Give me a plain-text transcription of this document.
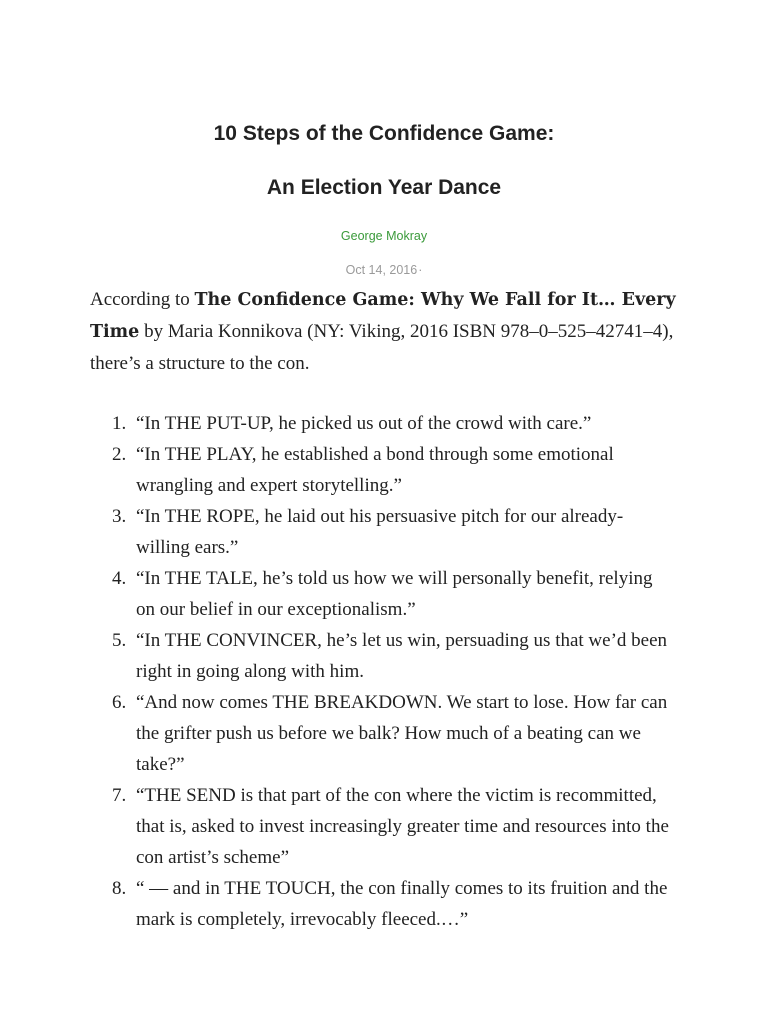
10 Steps of the Confidence Game:
An Election Year Dance
George Mokray
Oct 14, 2016·

According to The Confidence Game: Why We Fall for It… Every Time by Maria Konnikova (NY: Viking, 2016 ISBN 978–0–525–42741–4), there’s a structure to the con.

1. “In THE PUT-UP, he picked us out of the crowd with care.”
2. “In THE PLAY, he established a bond through some emotional wrangling and expert storytelling.”
3. “In THE ROPE, he laid out his persuasive pitch for our already-willing ears.”
4. “In THE TALE, he’s told us how we will personally benefit, relying on our belief in our exceptionalism.”
5. “In THE CONVINCER, he’s let us win, persuading us that we’d been right in going along with him.
6. “And now comes THE BREAKDOWN. We start to lose. How far can the grifter push us before we balk? How much of a beating can we take?”
7. “THE SEND is that part of the con where the victim is recommitted, that is, asked to invest increasingly greater time and resources into the con artist’s scheme”
8. “ — and in THE TOUCH, the con finally comes to its fruition and the mark is completely, irrevocably fleeced.…”
